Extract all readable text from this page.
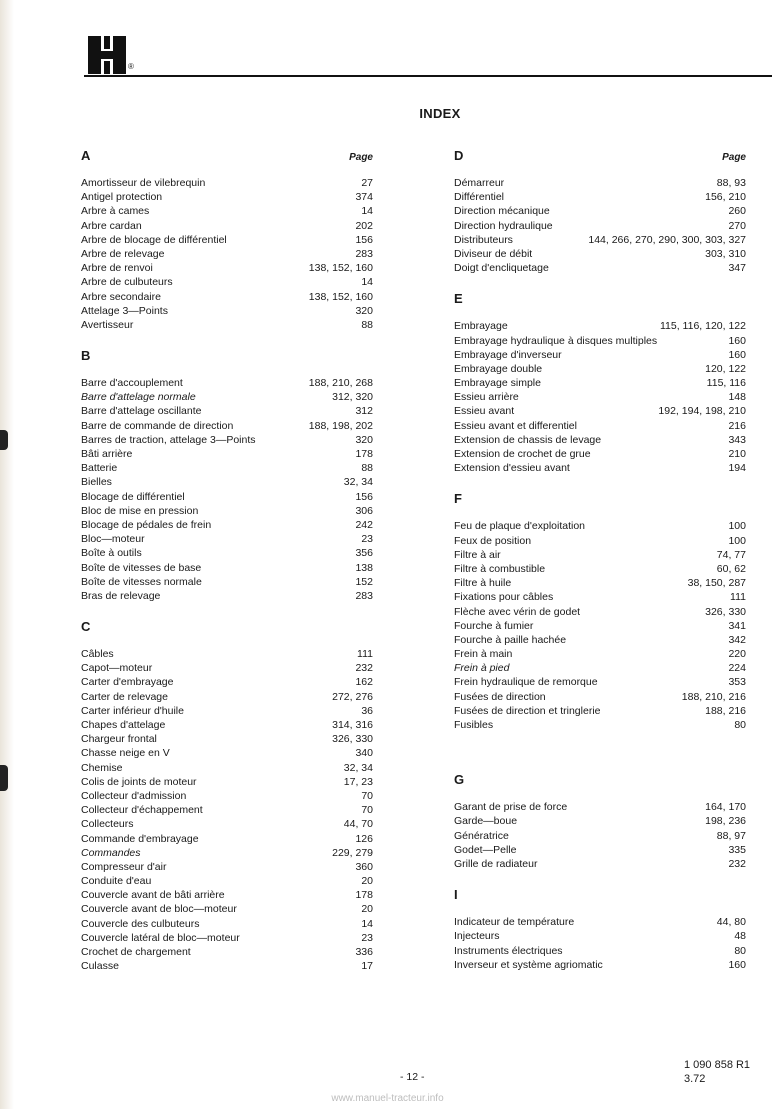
®
INDEX
A	Page
Amortisseur de vilebrequin	27
Antigel protection	374
Arbre à cames	14
Arbre cardan	202
Arbre de blocage de différentiel	156
Arbre de relevage	283
Arbre de renvoi	138, 152, 160
Arbre de culbuteurs	14
Arbre secondaire	138, 152, 160
Attelage 3—Points	320
Avertisseur	88
B
Barre d'accouplement	188, 210, 268
Barre d'attelage normale	312, 320
Barre d'attelage oscillante	312
Barre de commande de direction	188, 198, 202
Barres de traction, attelage 3—Points	320
Bâti arrière	178
Batterie	88
Bielles	32, 34
Blocage de différentiel	156
Bloc de mise en pression	306
Blocage de pédales de frein	242
Bloc—moteur	23
Boîte à outils	356
Boîte de vitesses de base	138
Boîte de vitesses normale	152
Bras de relevage	283
C
Câbles	111
Capot—moteur	232
Carter d'embrayage	162
Carter de relevage	272, 276
Carter inférieur d'huile	36
Chapes d'attelage	314, 316
Chargeur frontal	326, 330
Chasse neige en V	340
Chemise	32, 34
Colis de joints de moteur	17, 23
Collecteur d'admission	70
Collecteur d'échappement	70
Collecteurs	44, 70
Commande d'embrayage	126
Commandes	229, 279
Compresseur d'air	360
Conduite d'eau	20
Couvercle avant de bâti arrière	178
Couvercle avant de bloc—moteur	20
Couvercle des culbuteurs	14
Couvercle latéral de bloc—moteur	23
Crochet de chargement	336
Culasse	17
D	Page
Démarreur	88, 93
Différentiel	156, 210
Direction mécanique	260
Direction hydraulique	270
Distributeurs	144, 266, 270, 290, 300, 303, 327
Diviseur de débit	303, 310
Doigt d'encliquetage	347
E
Embrayage	115, 116, 120, 122
Embrayage hydraulique à disques multiples	160
Embrayage d'inverseur	160
Embrayage double	120, 122
Embrayage simple	115, 116
Essieu arrière	148
Essieu avant	192, 194, 198, 210
Essieu avant et differentiel	216
Extension de chassis de levage	343
Extension de crochet de grue	210
Extension d'essieu avant	194
F
Feu de plaque d'exploitation	100
Feux de position	100
Filtre à air	74, 77
Filtre à combustible	60, 62
Filtre à huile	38, 150, 287
Fixations pour câbles	111
Flèche avec vérin de godet	326, 330
Fourche à fumier	341
Fourche à paille hachée	342
Frein à main	220
Frein à pied	224
Frein hydraulique de remorque	353
Fusées de direction	188, 210, 216
Fusées de direction et tringlerie	188, 216
Fusibles	80
G
Garant de prise de force	164, 170
Garde—boue	198, 236
Génératrice	88, 97
Godet—Pelle	335
Grille de radiateur	232
I
Indicateur de température	44, 80
Injecteurs	48
Instruments électriques	80
Inverseur et système agriomatic	160
- 12 -
1 090 858 R1
3.72
www.manuel-tracteur.info
